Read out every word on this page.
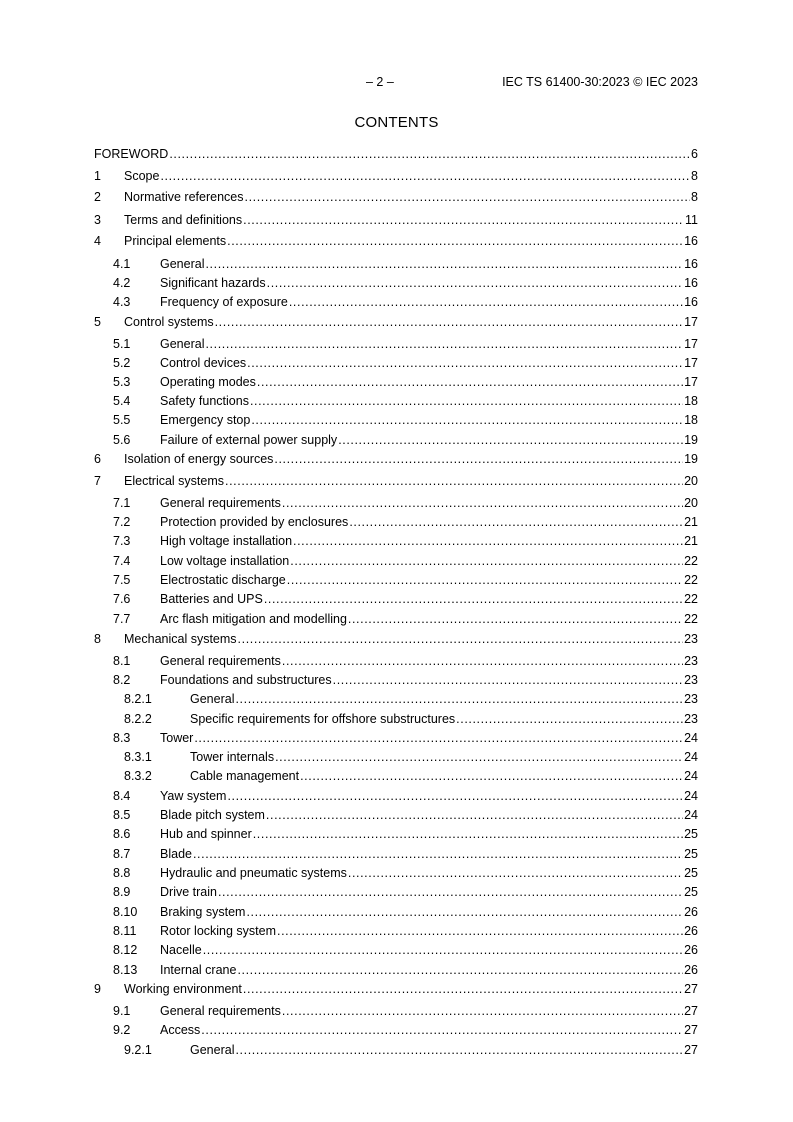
– 2 –	IEC TS 61400-30:2023 © IEC 2023
CONTENTS
FOREWORD .....	6
1 Scope .....	8
2 Normative references .....	8
3 Terms and definitions .....	11
4 Principal elements .....	16
4.1 General .....	16
4.2 Significant hazards .....	16
4.3 Frequency of exposure .....	16
5 Control systems .....	17
5.1 General .....	17
5.2 Control devices .....	17
5.3 Operating modes .....	17
5.4 Safety functions .....	18
5.5 Emergency stop .....	18
5.6 Failure of external power supply .....	19
6 Isolation of energy sources .....	19
7 Electrical systems .....	20
7.1 General requirements .....	20
7.2 Protection provided by enclosures .....	21
7.3 High voltage installation .....	21
7.4 Low voltage installation .....	22
7.5 Electrostatic discharge .....	22
7.6 Batteries and UPS .....	22
7.7 Arc flash mitigation and modelling .....	22
8 Mechanical systems .....	23
8.1 General requirements .....	23
8.2 Foundations and substructures .....	23
8.2.1	General .....	23
8.2.2	Specific requirements for offshore substructures .....	23
8.3 Tower .....	24
8.3.1	Tower internals .....	24
8.3.2	Cable management .....	24
8.4 Yaw system .....	24
8.5 Blade pitch system .....	24
8.6 Hub and spinner .....	25
8.7 Blade .....	25
8.8 Hydraulic and pneumatic systems .....	25
8.9 Drive train .....	25
8.10 Braking system .....	26
8.11 Rotor locking system .....	26
8.12 Nacelle .....	26
8.13 Internal crane .....	26
9 Working environment .....	27
9.1 General requirements .....	27
9.2 Access .....	27
9.2.1	General .....	27
